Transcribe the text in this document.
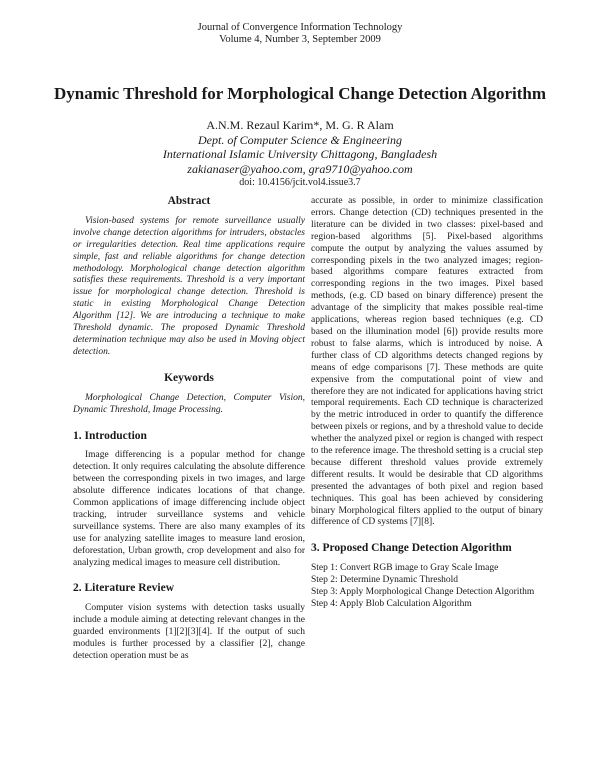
Journal of Convergence Information Technology
Volume 4, Number 3, September 2009
Dynamic Threshold for Morphological Change Detection Algorithm
A.N.M. Rezaul Karim*, M. G. R Alam
Dept. of Computer Science & Engineering
International Islamic University Chittagong, Bangladesh
zakianaser@yahoo.com, gra9710@yahoo.com
doi: 10.4156/jcit.vol4.issue3.7
Abstract
Vision-based systems for remote surveillance usually involve change detection algorithms for intruders, obstacles or irregularities detection. Real time applications require simple, fast and reliable algorithms for change detection methodology. Morphological change detection algorithm satisfies these requirements. Threshold is a very important issue for morphological change detection. Threshold is static in existing Morphological Change Detection Algorithm [12]. We are introducing a technique to make Threshold dynamic. The proposed Dynamic Threshold determination technique may also be used in Moving object detection.
Keywords
Morphological Change Detection, Computer Vision, Dynamic Threshold, Image Processing.
1. Introduction

Image differencing is a popular method for change detection. It only requires calculating the absolute difference between the corresponding pixels in two images, and large absolute difference indicates locations of that change. Common applications of image differencing include object tracking, intruder surveillance systems and vehicle surveillance systems. There are also many examples of its use for analyzing satellite images to measure land erosion, deforestation, Urban growth, crop development and also for analyzing medical images to measure cell distribution.

2. Literature Review

Computer vision systems with detection tasks usually include a module aiming at detecting relevant changes in the guarded environments [1][2][3][4]. If the output of such modules is further processed by a classifier [2], change detection operation must be as

accurate as possible, in order to minimize classification errors. Change detection (CD) techniques presented in the literature can be divided in two classes: pixel-based and region-based algorithms [5]. Pixel-based algorithms compute the output by analyzing the values assumed by corresponding pixels in the two analyzed images; region-based algorithms compare features extracted from corresponding regions in the two images. Pixel based methods, (e.g. CD based on binary difference) present the advantage of the simplicity that makes possible real-time applications, whereas region based techniques (e.g. CD based on the illumination model [6]) provide results more robust to false alarms, which is introduced by noise. A further class of CD algorithms detects changed regions by means of edge comparisons [7]. These methods are quite expensive from the computational point of view and therefore they are not indicated for applications having strict temporal requirements. Each CD technique is characterized by the metric introduced in order to quantify the difference between pixels or regions, and by a threshold value to decide whether the analyzed pixel or region is changed with respect to the reference image. The threshold setting is a crucial step because different threshold values provide extremely different results. It would be desirable that CD algorithms presented the advantages of both pixel and region based techniques. This goal has been achieved by considering binary Morphological filters applied to the output of binary difference of CD systems [7][8].

3. Proposed Change Detection Algorithm

Step 1: Convert RGB image to Gray Scale Image

Step 2: Determine Dynamic Threshold

Step 3: Apply Morphological Change Detection Algorithm

Step 4: Apply Blob Calculation Algorithm
